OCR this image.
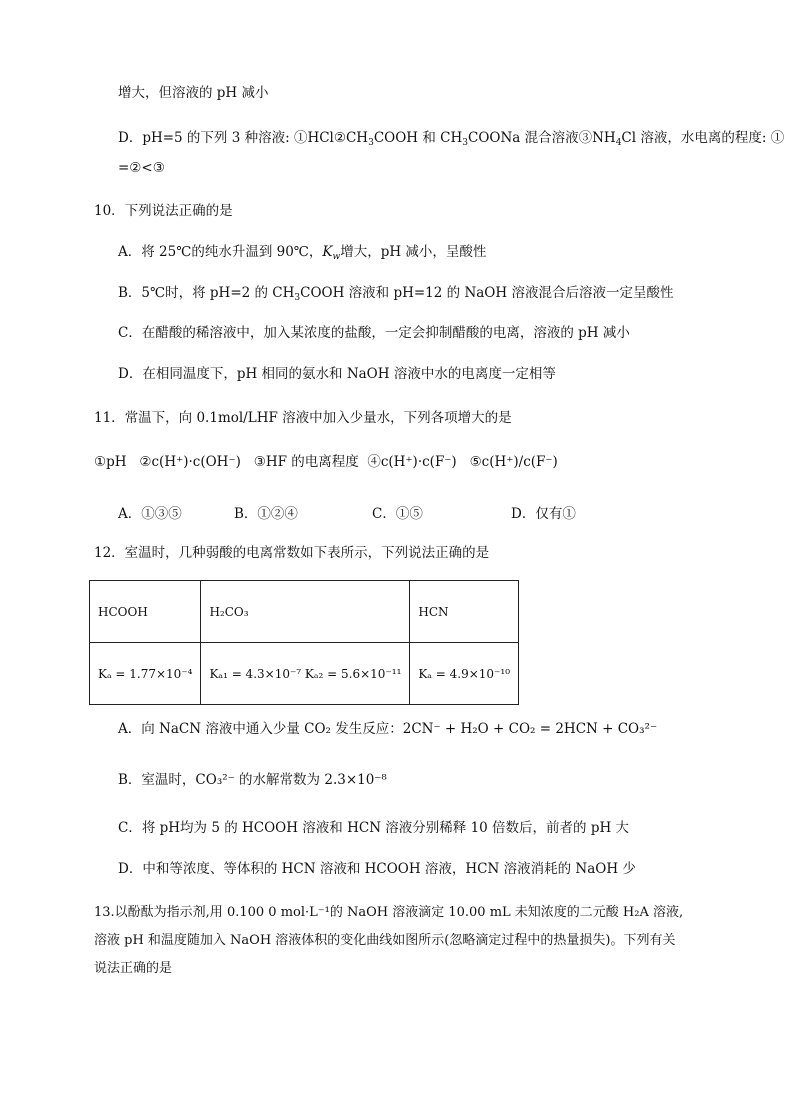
增大，但溶液的 pH 减小
D．pH=5 的下列 3 种溶液: $①HCl②CH_3COOH$ 和 $CH_3COONa$ 混合溶液$③NH_4Cl$ 溶液，水电离的程度: ①
=②<③
10．下列说法正确的是
A．将 25℃的纯水升温到 90℃，$K_w$增大，pH 减小，呈酸性
B．5℃时，将 pH=2 的 $CH_3COOH$ 溶液和 pH=12 的 NaOH 溶液混合后溶液一定呈酸性
C．在醋酸的稀溶液中，加入某浓度的盐酸，一定会抑制醋酸的电离，溶液的 pH 减小
D．在相同温度下，pH 相同的氨水和 NaOH 溶液中水的电离度一定相等
11．常温下，向 0.1mol/LHF 溶液中加入少量水，下列各项增大的是
①pH   ②c(H⁺)·c(OH⁻)   ③HF 的电离程度  ④c(H⁺)·c(F⁻)   ⑤c(H⁺)/c(F⁻)
A．①③⑤	B．①②④	C．①⑤	D．仅有①
12．室温时，几种弱酸的电离常数如下表所示，下列说法正确的是
HCOOH	H₂CO₃	HCN
Kₐ = 1.77×10⁻⁴	Kₐ₁ = 4.3×10⁻⁷ Kₐ₂ = 5.6×10⁻¹¹	Kₐ = 4.9×10⁻¹⁰
A．向 NaCN 溶液中通入少量 CO₂ 发生反应：2CN⁻ + H₂O + CO₂ = 2HCN + CO₃²⁻
B．室温时，CO₃²⁻ 的水解常数为 2.3×10⁻⁸
C．将 pH均为 5 的 HCOOH 溶液和 HCN 溶液分别稀释 10 倍数后，前者的 pH 大
D．中和等浓度、等体积的 HCN 溶液和 HCOOH 溶液，HCN 溶液消耗的 NaOH 少
13.以酚酞为指示剂,用 0.100 0 mol·L⁻¹的 NaOH 溶液滴定 10.00 mL 未知浓度的二元酸 H₂A 溶液,
溶液 pH 和温度随加入 NaOH 溶液体积的变化曲线如图所示(忽略滴定过程中的热量损失)。下列有关
说法正确的是
